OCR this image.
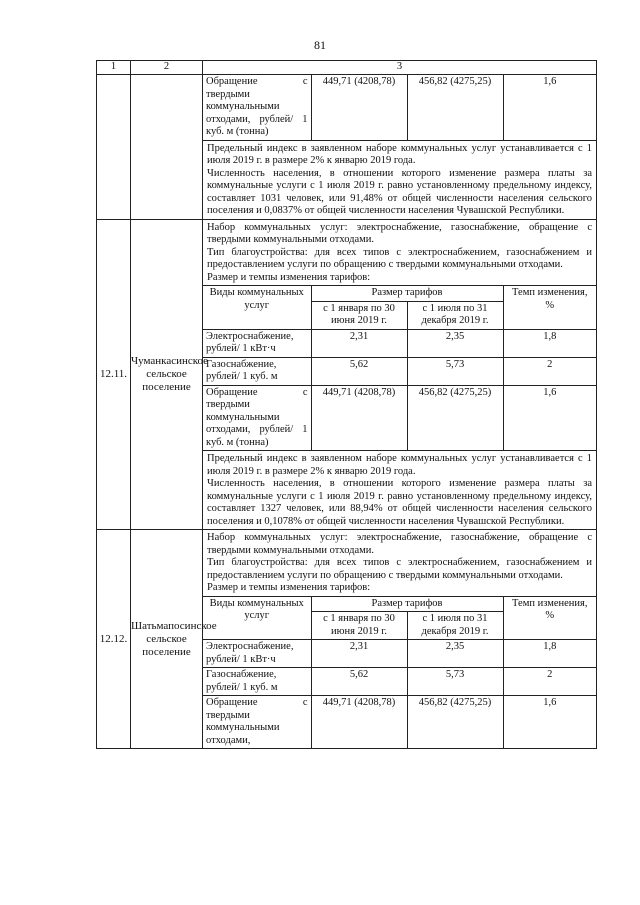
81
1	2	3

Обращение с твердыми коммунальными отходами, рублей/ 1 куб. м (тонна)	449,71 (4208,78)	456,82 (4275,25)	1,6

Предельный индекс в заявленном наборе коммунальных услуг устанавливается с 1 июля 2019 г. в размере 2% к январю 2019 года.

Численность населения, в отношении которого изменение размера платы за коммунальные услуги с 1 июля 2019 г. равно установленному предельному индексу, составляет 1031 человек, или 91,48% от общей численности населения сельского поселения и 0,0837% от общей численности населения Чувашской Республики.

12.11.	Чуманкасинское сельское поселение	

Набор коммунальных услуг: электроснабжение, газоснабжение, обращение с твердыми коммунальными отходами.

Тип благоустройства: для всех типов с электроснабжением, газоснабжением и предоставлением услуги по обращению с твердыми коммунальными отходами.

Размер и темпы изменения тарифов:

Виды коммунальных услуг	Размер тарифов	Темп изменения, %
с 1 января по 30 июня 2019 г.	с 1 июля по 31 декабря 2019 г.
Электроснабжение, рублей/ 1 кВт·ч	2,31	2,35	1,8
Газоснабжение, рублей/ 1 куб. м	5,62	5,73	2
Обращение с твердыми коммунальными отходами, рублей/ 1 куб. м (тонна)	449,71 (4208,78)	456,82 (4275,25)	1,6

Предельный индекс в заявленном наборе коммунальных услуг устанавливается с 1 июля 2019 г. в размере 2% к январю 2019 года.

Численность населения, в отношении которого изменение размера платы за коммунальные услуги с 1 июля 2019 г. равно установленному предельному индексу, составляет 1327 человек, или 88,94% от общей численности населения сельского поселения и 0,1078% от общей численности населения Чувашской Республики.

12.12.	Шатьмапосинское сельское поселение	

Набор коммунальных услуг: электроснабжение, газоснабжение, обращение с твердыми коммунальными отходами.

Тип благоустройства: для всех типов с электроснабжением, газоснабжением и предоставлением услуги по обращению с твердыми коммунальными отходами.

Размер и темпы изменения тарифов:

Виды коммунальных услуг	Размер тарифов	Темп изменения, %
с 1 января по 30 июня 2019 г.	с 1 июля по 31 декабря 2019 г.
Электроснабжение, рублей/ 1 кВт·ч	2,31	2,35	1,8
Газоснабжение, рублей/ 1 куб. м	5,62	5,73	2
Обращение с твердыми коммунальными отходами,	449,71 (4208,78)	456,82 (4275,25)	1,6
